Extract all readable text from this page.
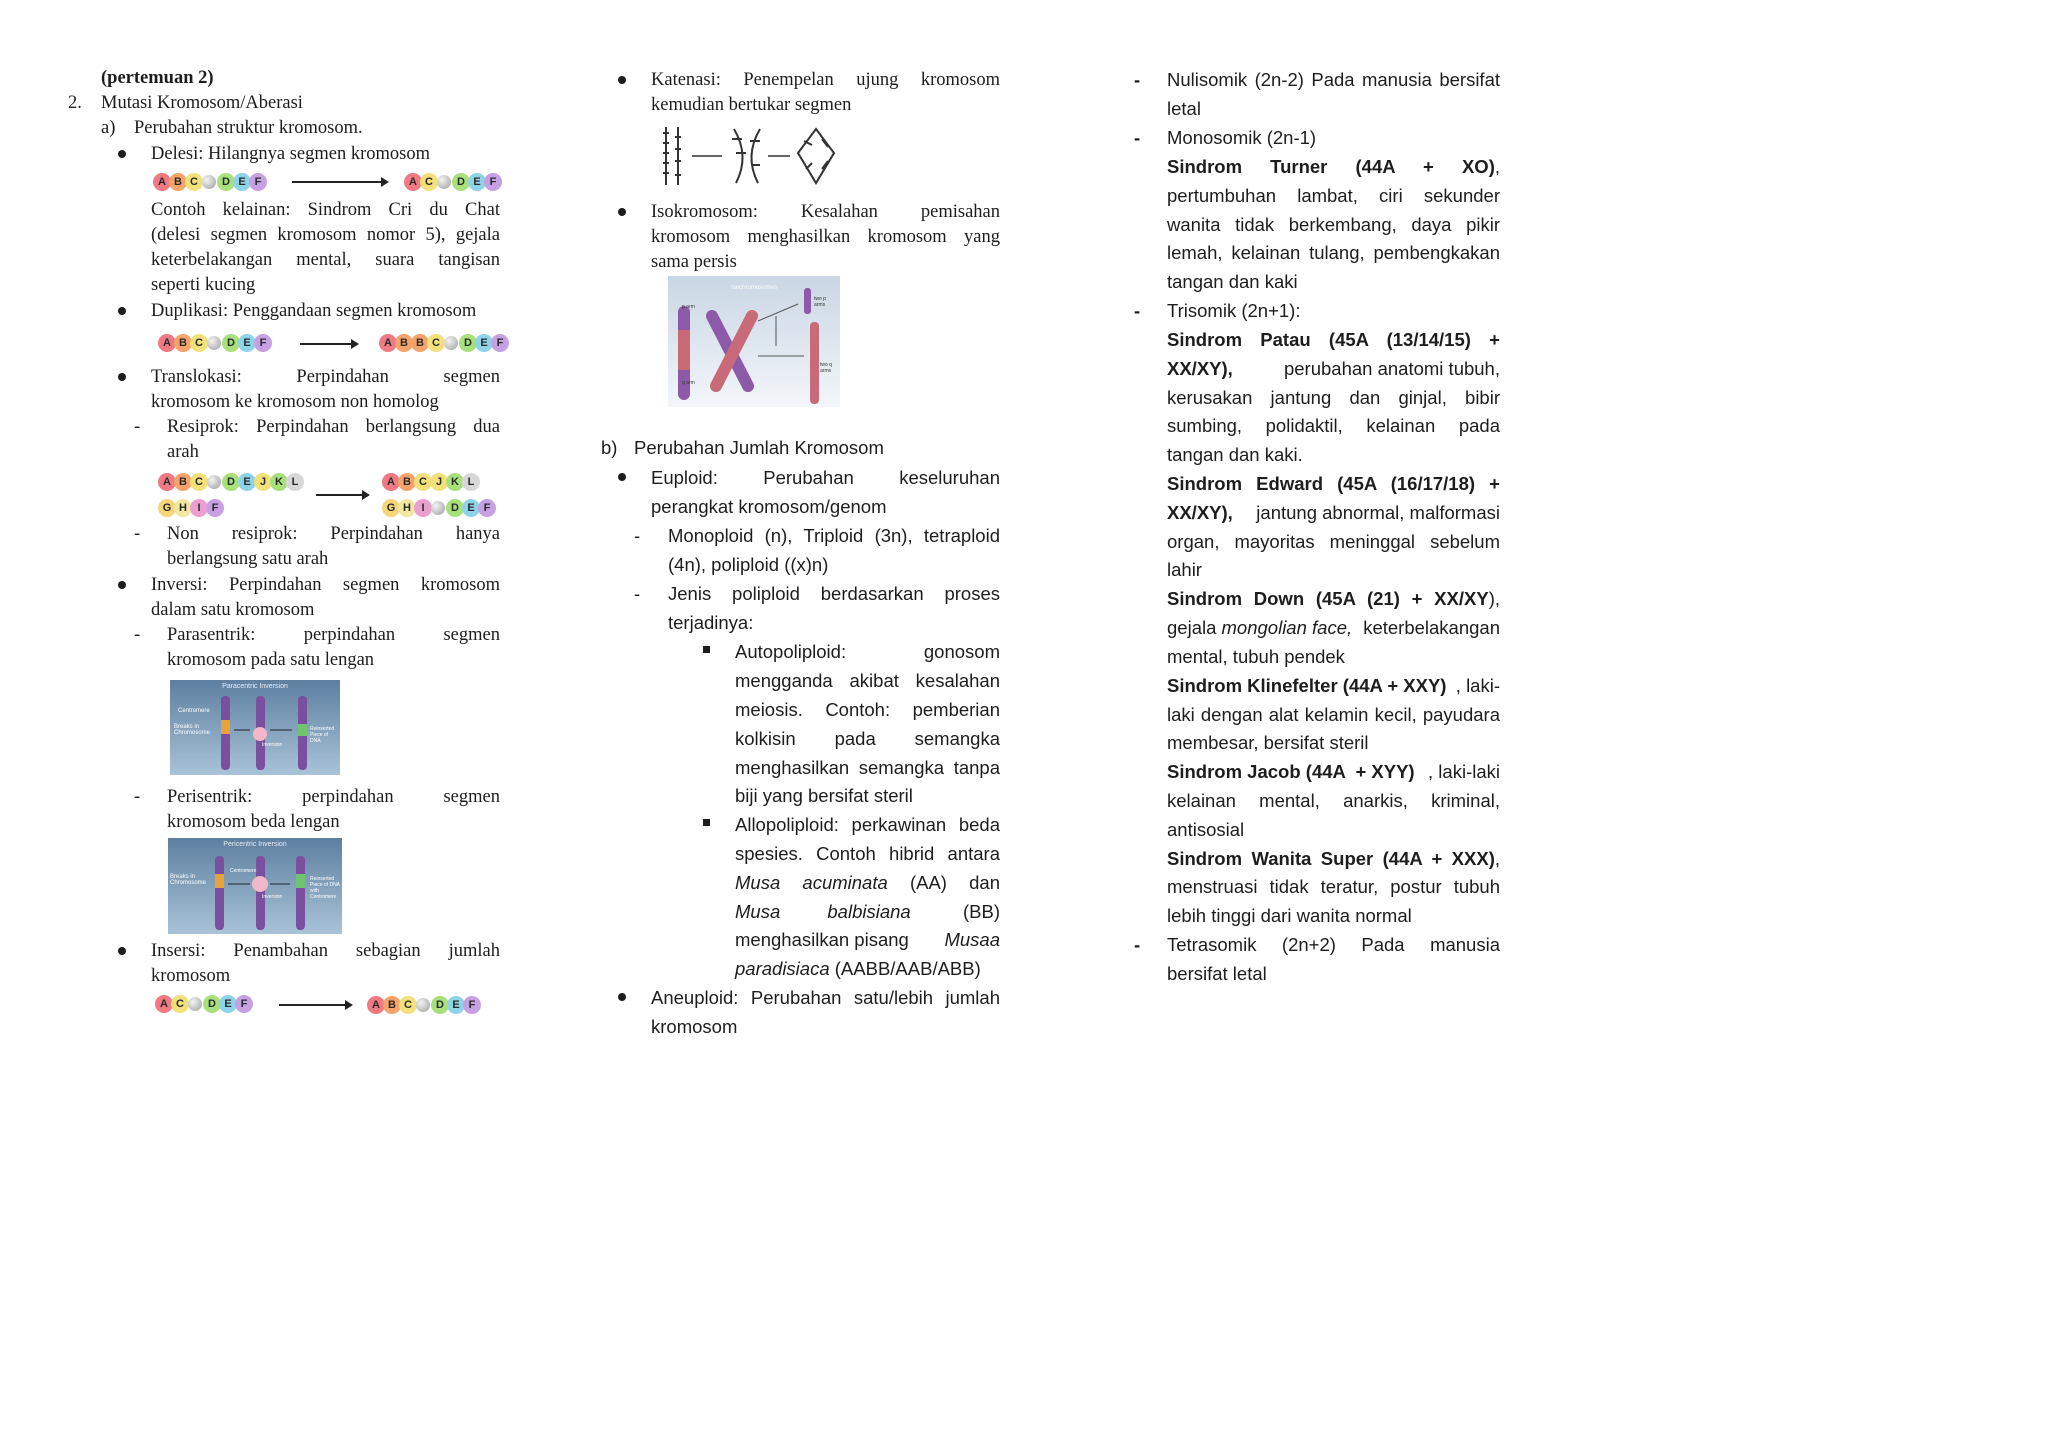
(pertemuan 2)
2. Mutasi Kromosom/Aberasi
a) Perubahan struktur kromosom.
Delesi: Hilangnya segmen kromosom
A B C	D E F	A C	D E F
Contoh kelainan: Sindrom Cri du Chat
(delesi segmen kromosom nomor 5), gejala
keterbelakangan mental, suara tangisan
seperti kucing
Duplikasi: Penggandaan segmen kromosom
A B C	D E F	A B B C	D E F
Translokasi: Perpindahan segmen
kromosom ke kromosom non homolog
- Resiprok: Perpindahan berlangsung dua
arah
A B C	D E J K L
G H I	F
A B C J K L
G H I	D E F
- Non resiprok: Perpindahan hanya
berlangsung satu arah
Inversi: Perpindahan segmen kromosom
dalam satu kromosom
- Parasentrik: perpindahan segmen
kromosom pada satu lengan
Paracentric Inversion
Centromere
Breaks in Chromosome
Inversion
Reinserted Piece of DNA
- Perisentrik: perpindahan segmen
kromosom beda lengan
Pericentric Inversion
Breaks in Chromosome
Centromere
Inversion
Reinserted Piece of DNA with Centromere
Insersi: Penambahan sebagian jumlah
kromosom
A C	D E F	A B C	D E F
Katenasi: Penempelan ujung kromosom
kemudian bertukar segmen
Isokromosom: Kesalahan pemisahan
kromosom menghasilkan kromosom yang
sama persis
Isochromosomes
p arm
q arm
two p arms
two q arms
b) Perubahan Jumlah Kromosom
Euploid: Perubahan keseluruhan
perangkat kromosom/genom
- Monoploid (n), Triploid (3n), tetraploid
(4n), poliploid ((x)n)
- Jenis poliploid berdasarkan proses
terjadinya:
Autopoliploid: gonosom
mengganda akibat kesalahan
meiosis. Contoh: pemberian
kolkisin pada semangka
menghasilkan semangka tanpa
biji yang bersifat steril
Allopoliploid: perkawinan beda
spesies. Contoh hibrid antara
Musa acuminata (AA) dan
Musa balbisiana	(BB)
menghasilkan pisang Musaa
paradisiaca (AABB/AAB/ABB)
Aneuploid: Perubahan satu/lebih jumlah
kromosom
- Nulisomik (2n-2) Pada manusia bersifat
letal
- Monosomik (2n-1)
Sindrom Turner (44A + XO) ,
pertumbuhan lambat, ciri sekunder
wanita tidak berkembang, daya pikir
lemah, kelainan tulang, pembengkakan
tangan dan kaki
- Trisomik (2n+1):
Sindrom Patau (45A (13/14/15) +
XX/XY),	perubahan anatomi tubuh,
kerusakan jantung dan ginjal, bibir
sumbing, polidaktil, kelainan pada
tangan dan kaki.
Sindrom Edward (45A (16/17/18) +
XX/XY), jantung abnormal, malformasi
organ, mayoritas meninggal sebelum
lahir
Sindrom Down (45A (21) + XX/XY ),
gejala mongolian face, keterbelakangan
mental, tubuh pendek
Sindrom Klinefelter (44A + XXY) , laki-
laki dengan alat kelamin kecil, payudara
membesar, bersifat steril
Sindrom Jacob (44A  + XYY) , laki-laki
kelainan mental, anarkis, kriminal,
antisosial
Sindrom Wanita Super (44A + XXX) ,
menstruasi tidak teratur, postur tubuh
lebih tinggi dari wanita normal
- Tetrasomik (2n+2) Pada manusia
bersifat letal
